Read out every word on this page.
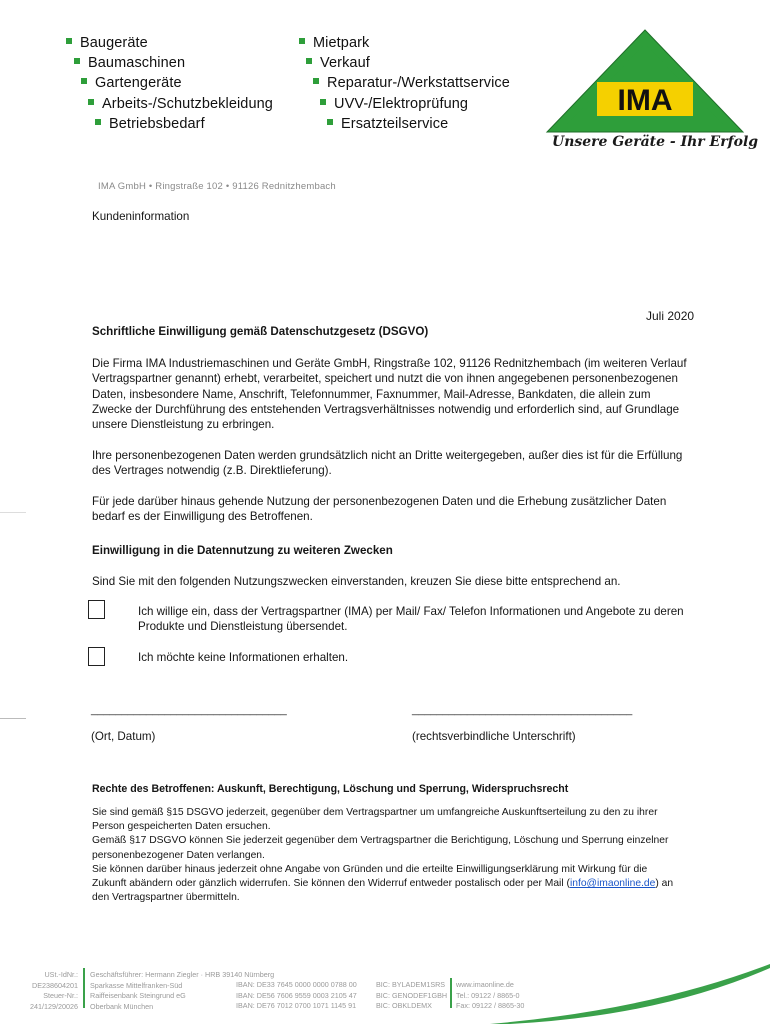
Baugeräte
Baumaschinen
Gartengeräte
Arbeits-/Schutzbekleidung
Betriebsbedarf
Mietpark
Verkauf
Reparatur-/Werkstattservice
UVV-/Elektroprüfung
Ersatzteilservice
IMA
Unsere Geräte - Ihr Erfolg
IMA GmbH • Ringstraße 102 • 91126 Rednitzhembach
Kundeninformation
Juli 2020
Schriftliche Einwilligung gemäß Datenschutzgesetz (DSGVO)
Die Firma IMA Industriemaschinen und Geräte GmbH, Ringstraße 102, 91126 Rednitzhembach (im weiteren Verlauf
Vertragspartner genannt) erhebt, verarbeitet, speichert und nutzt die von ihnen angegebenen personenbezogenen
Daten, insbesondere Name, Anschrift, Telefonnummer, Faxnummer, Mail-Adresse, Bankdaten, die allein zum
Zwecke der Durchführung des entstehenden Vertragsverhältnisses notwendig und erforderlich sind, auf Grundlage
unsere Dienstleistung zu erbringen.
Ihre personenbezogenen Daten werden grundsätzlich nicht an Dritte weitergegeben, außer dies ist für die Erfüllung
des Vertrages notwendig (z.B. Direktlieferung).
Für jede darüber hinaus gehende Nutzung der personenbezogenen Daten und die Erhebung zusätzlicher Daten
bedarf es der Einwilligung des Betroffenen.
Einwilligung in die Datennutzung zu weiteren Zwecken
Sind Sie mit den folgenden Nutzungszwecken einverstanden, kreuzen Sie diese bitte entsprechend an.
Ich willige ein, dass der Vertragspartner (IMA) per Mail/ Fax/ Telefon Informationen und Angebote zu deren
Produkte und Dienstleistung übersendet.
Ich möchte keine Informationen erhalten.
________________________________	____________________________________
(Ort, Datum)	(rechtsverbindliche Unterschrift)
Rechte des Betroffenen: Auskunft, Berechtigung, Löschung und Sperrung, Widerspruchsrecht
Sie sind gemäß §15 DSGVO jederzeit, gegenüber dem Vertragspartner um umfangreiche Auskunftserteilung zu den zu ihrer
Person gespeicherten Daten ersuchen.
Gemäß §17 DSGVO können Sie jederzeit gegenüber dem Vertragspartner die Berichtigung, Löschung und Sperrung einzelner
personenbezogener Daten verlangen.
Sie können darüber hinaus jederzeit ohne Angabe von Gründen und die erteilte Einwilligungserklärung mit Wirkung für die
Zukunft abändern oder gänzlich widerrufen. Sie können den Widerruf entweder postalisch oder per Mail (info@imaonline.de) an
den Vertragspartner übermitteln.
USt.-IdNr.:
DE238604201
Steuer-Nr.:
241/129/20026
Geschäftsführer: Hermann Ziegler · HRB 39140 Nürnberg
Sparkasse Mittelfranken-Süd
Raiffeisenbank Steingrund eG
Oberbank München
IBAN: DE33 7645 0000 0000 0788 00
IBAN: DE56 7606 9559 0003 2105 47
IBAN: DE76 7012 0700 1071 1145 91
BIC: BYLADEM1SRS
BIC: GENODEF1GBH
BIC: OBKLDEMX
www.imaonline.de
Tel.: 09122 / 8865-0
Fax: 09122 / 8865-30
